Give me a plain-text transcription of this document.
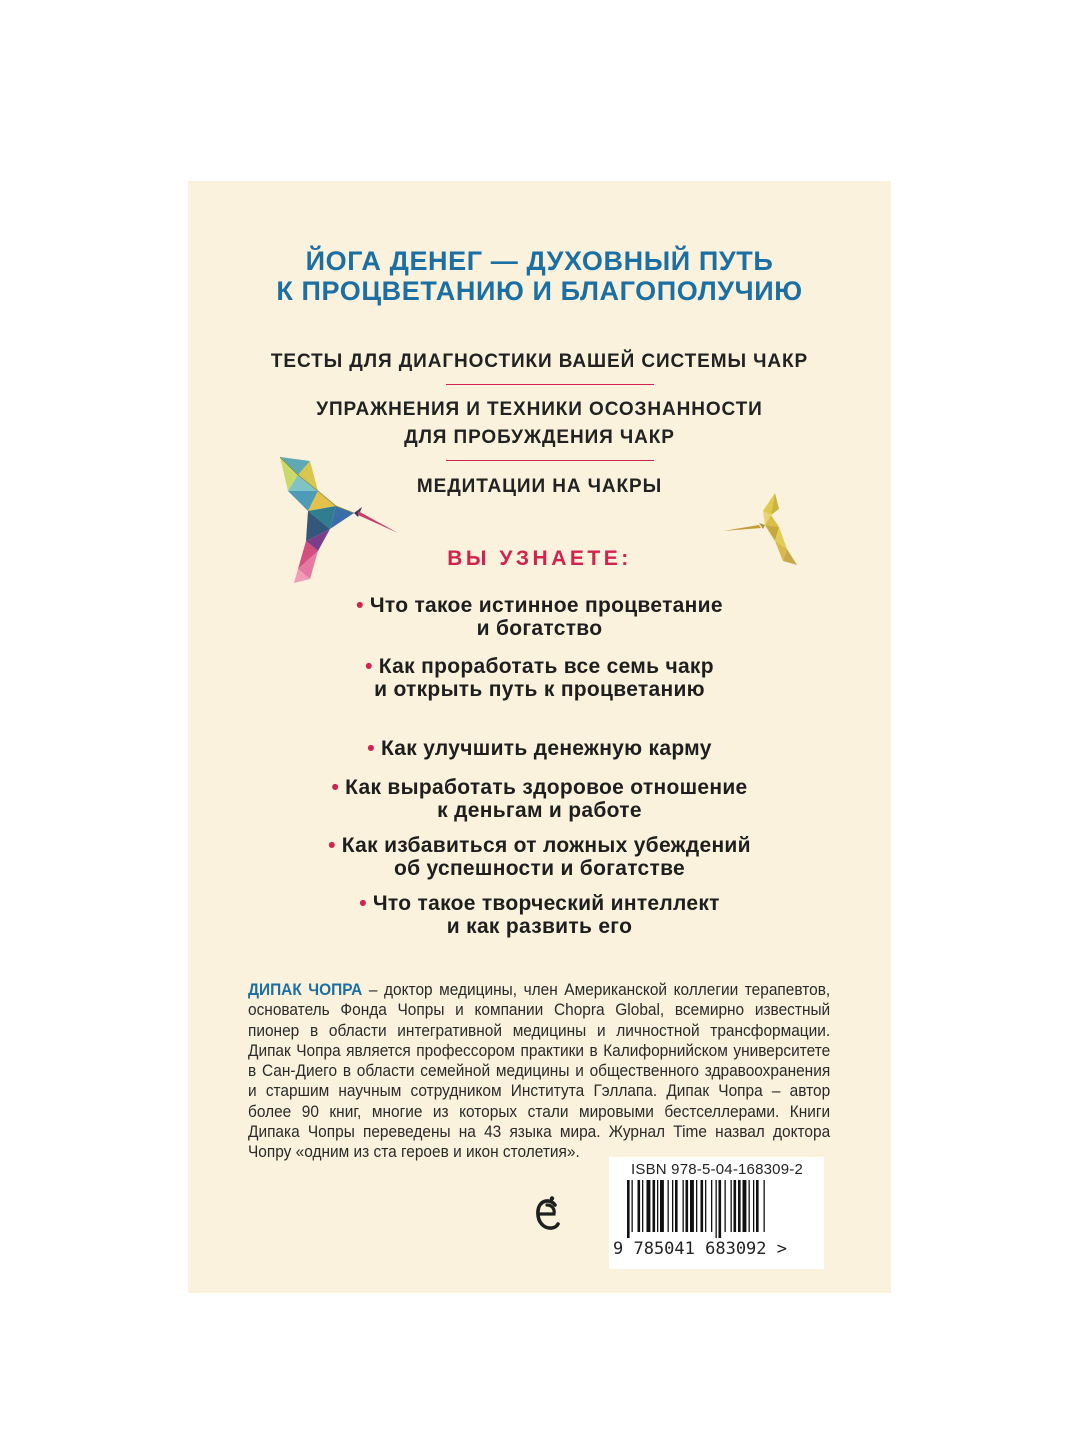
ЙОГА ДЕНЕГ — ДУХОВНЫЙ ПУТЬ
К ПРОЦВЕТАНИЮ И БЛАГОПОЛУЧИЮ
ТЕСТЫ ДЛЯ ДИАГНОСТИКИ ВАШЕЙ СИСТЕМЫ ЧАКР
УПРАЖНЕНИЯ И ТЕХНИКИ ОСОЗНАННОСТИ
ДЛЯ ПРОБУЖДЕНИЯ ЧАКР
МЕДИТАЦИИ НА ЧАКРЫ
ВЫ УЗНАЕТЕ:
• Что такое истинное процветание
и богатство
• Как проработать все семь чакр
и открыть путь к процветанию
• Как улучшить денежную карму
• Как выработать здоровое отношение
к деньгам и работе
• Как избавиться от ложных убеждений
об успешности и богатстве
• Что такое творческий интеллект
и как развить его
ДИПАК ЧОПРА – доктор медицины, член Американской коллегии терапевтов, основатель Фонда Чопры и компании Chopra Global, всемирно известный пионер в области интегративной медицины и личностной трансформации. Дипак Чопра является профессором практики в Калифорнийском университете в Сан-Диего в области семейной медицины и общественного здравоохранения и старшим научным сотрудником Института Гэллапа. Дипак Чопра – автор более 90 книг, многие из которых стали мировыми бестселлерами. Книги Дипака Чопры переведены на 43 языка мира. Журнал Time назвал доктора Чопру «одним из ста героев и икон столетия».
ISBN 978-5-04-168309-2
9 785041 683092 >
